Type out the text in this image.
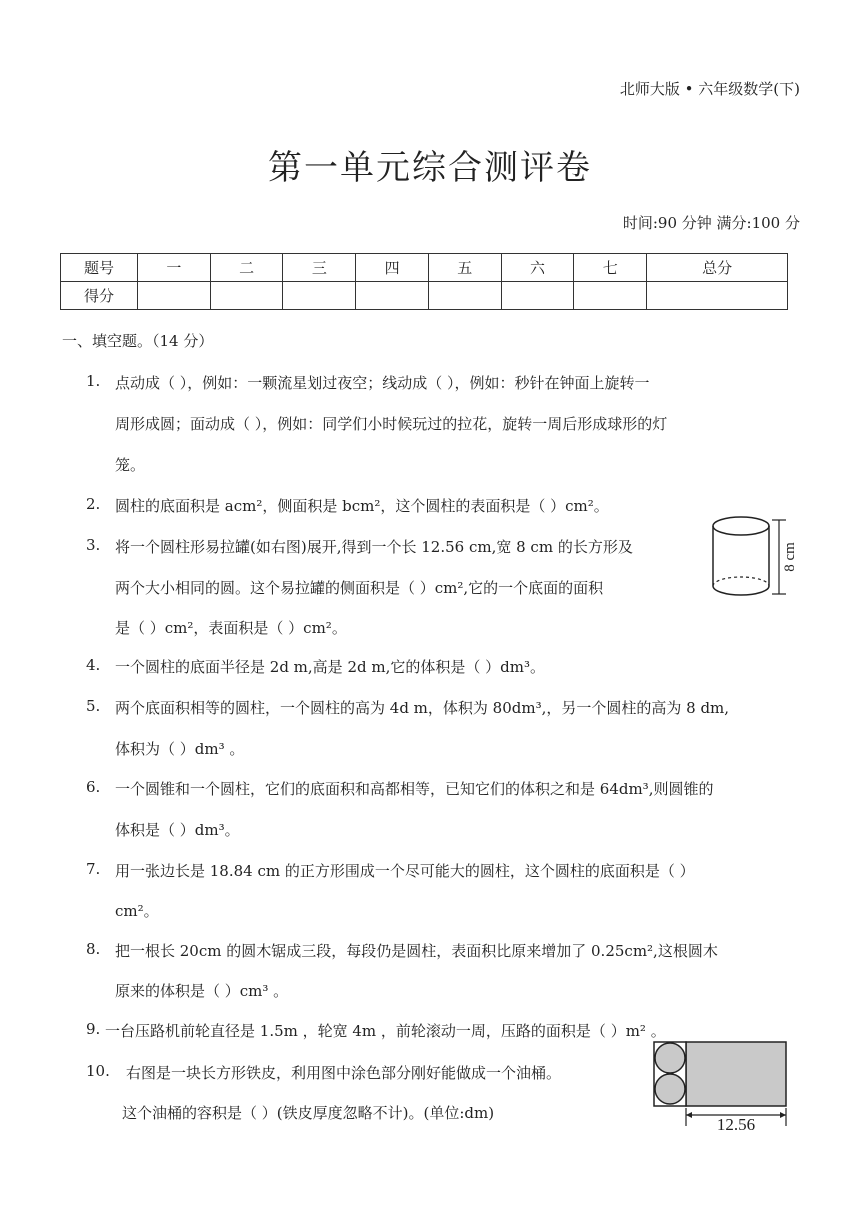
北师大版 • 六年级数学(下)
第一单元综合测评卷
时间:90 分钟 满分:100 分
题号	一	二	三	四	五	六	七	总分
得分								
一、填空题。（14 分）
1. 点动成（ ），例如：一颗流星划过夜空；线动成（ ），例如：秒针在钟面上旋转一
周形成圆；面动成（ ），例如：同学们小时候玩过的拉花，旋转一周后形成球形的灯
笼。
2. 圆柱的底面积是 acm²，侧面积是 bcm²，这个圆柱的表面积是（ ）cm²。
3. 将一个圆柱形易拉罐(如右图)展开,得到一个长 12.56 cm,宽 8 cm 的长方形及
两个大小相同的圆。这个易拉罐的侧面积是（ ）cm²,它的一个底面的面积
是（ ）cm²，表面积是（ ）cm²。
4. 一个圆柱的底面半径是 2d m,高是 2d m,它的体积是（ ）dm³。
5. 两个底面积相等的圆柱，一个圆柱的高为 4d m，体积为 80dm³,，另一个圆柱的高为 8 dm,
体积为（ ）dm³ 。
6. 一个圆锥和一个圆柱，它们的底面积和高都相等，已知它们的体积之和是 64dm³,则圆锥的
体积是（ ）dm³。
7. 用一张边长是 18.84 cm 的正方形围成一个尽可能大的圆柱，这个圆柱的底面积是（ ）
cm²。
8. 把一根长 20cm 的圆木锯成三段，每段仍是圆柱，表面积比原来增加了 0.25cm²,这根圆木
原来的体积是（ ）cm³ 。
9. 一台压路机前轮直径是 1.5m ，轮宽 4m ，前轮滚动一周，压路的面积是（ ）m² 。
10. 右图是一块长方形铁皮，利用图中涂色部分刚好能做成一个油桶。
这个油桶的容积是（ ）(铁皮厚度忽略不计)。(单位:dm)
8 cm
12.56
